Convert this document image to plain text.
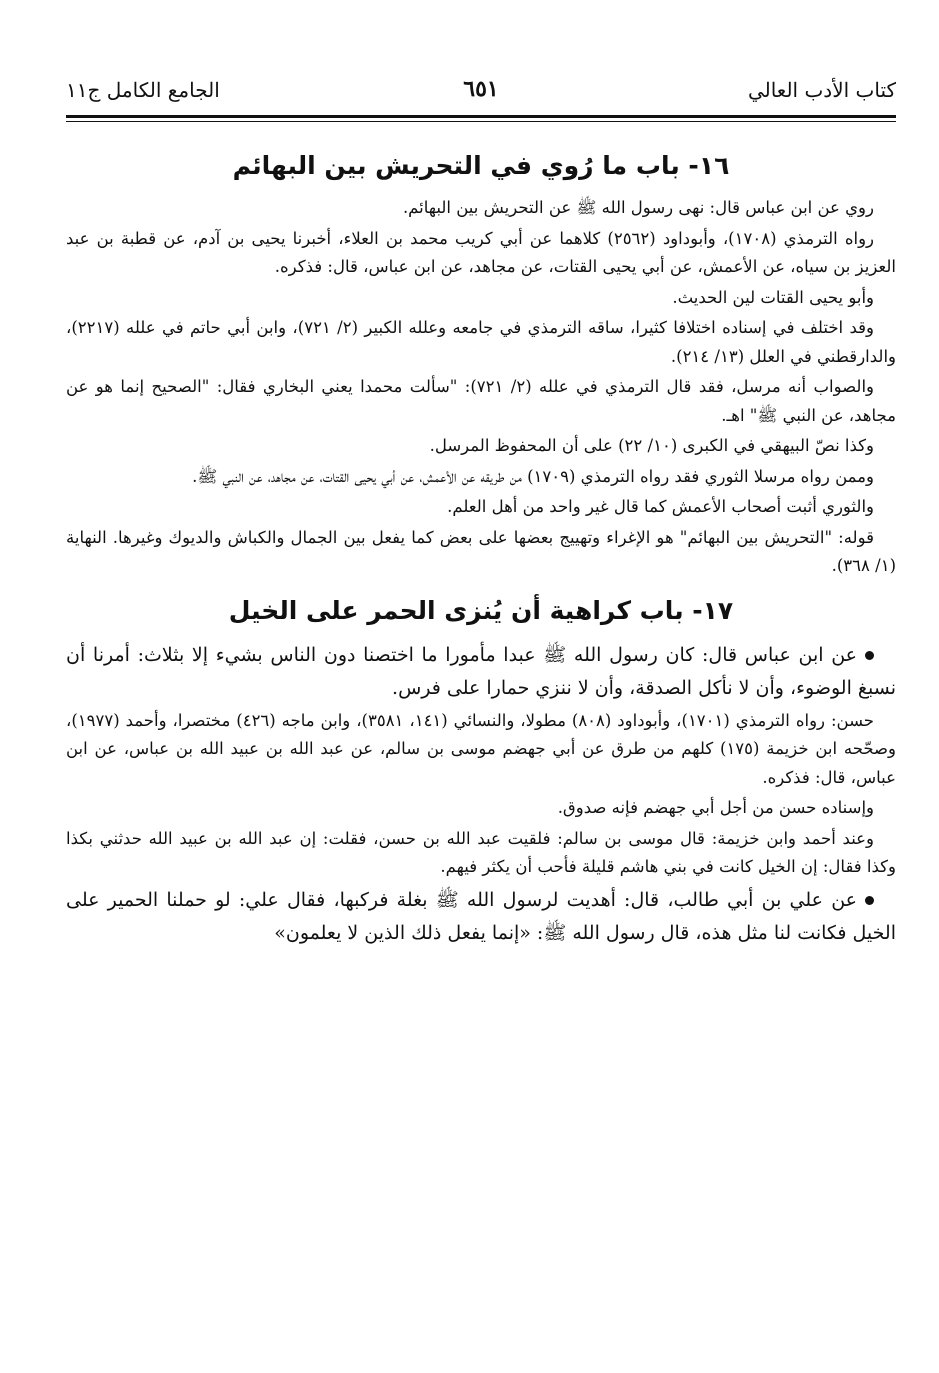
كتاب الأدب العالي
٦٥١
الجامع الكامل ج١١
١٦- باب ما رُوي في التحريش بين البهائم

روي عن ابن عباس قال: نهى رسول الله ﷺ عن التحريش بين البهائم.

رواه الترمذي (١٧٠٨)، وأبوداود (٢٥٦٢) كلاهما عن أبي كريب محمد بن العلاء، أخبرنا يحيى بن آدم، عن قطبة بن عبد العزيز بن سياه، عن الأعمش، عن أبي يحيى القتات، عن مجاهد، عن ابن عباس، قال: فذكره.

وأبو يحيى القتات لين الحديث.

وقد اختلف في إسناده اختلافا كثيرا، ساقه الترمذي في جامعه وعلله الكبير (٢/ ٧٢١)، وابن أبي حاتم في علله (٢٢١٧)، والدارقطني في العلل (١٣/ ٢١٤).

والصواب أنه مرسل، فقد قال الترمذي في علله (٢/ ٧٢١): "سألت محمدا يعني البخاري فقال: "الصحيح إنما هو عن مجاهد، عن النبي ﷺ" اهـ.

وكذا نصّ البيهقي في الكبرى (١٠/ ٢٢) على أن المحفوظ المرسل.

وممن رواه مرسلا الثوري فقد رواه الترمذي (١٧٠٩) من طريقه عن الأعمش، عن أبي يحيى القتات، عن مجاهد، عن النبي ﷺ.

والثوري أثبت أصحاب الأعمش كما قال غير واحد من أهل العلم.

قوله: "التحريش بين البهائم" هو الإغراء وتهييج بعضها على بعض كما يفعل بين الجمال والكباش والديوك وغيرها. النهاية (١/ ٣٦٨).

١٧- باب كراهية أن يُنزى الحمر على الخيل

عن ابن عباس قال: كان رسول الله ﷺ عبدا مأمورا ما اختصنا دون الناس بشيء إلا بثلاث: أمرنا أن نسبغ الوضوء، وأن لا نأكل الصدقة، وأن لا ننزي حمارا على فرس.

حسن: رواه الترمذي (١٧٠١)، وأبوداود (٨٠٨) مطولا، والنسائي (١٤١، ٣٥٨١)، وابن ماجه (٤٢٦) مختصرا، وأحمد (١٩٧٧)، وصحّحه ابن خزيمة (١٧٥) كلهم من طرق عن أبي جهضم موسى بن سالم، عن عبد الله بن عبيد الله بن عباس، عن ابن عباس، قال: فذكره.

وإسناده حسن من أجل أبي جهضم فإنه صدوق.

وعند أحمد وابن خزيمة: قال موسى بن سالم: فلقيت عبد الله بن حسن، فقلت: إن عبد الله بن عبيد الله حدثني بكذا وكذا فقال: إن الخيل كانت في بني هاشم قليلة فأحب أن يكثر فيهم.

عن علي بن أبي طالب، قال: أهديت لرسول الله ﷺ بغلة فركبها، فقال علي: لو حملنا الحمير على الخيل فكانت لنا مثل هذه، قال رسول الله ﷺ: «إنما يفعل ذلك الذين لا يعلمون»
